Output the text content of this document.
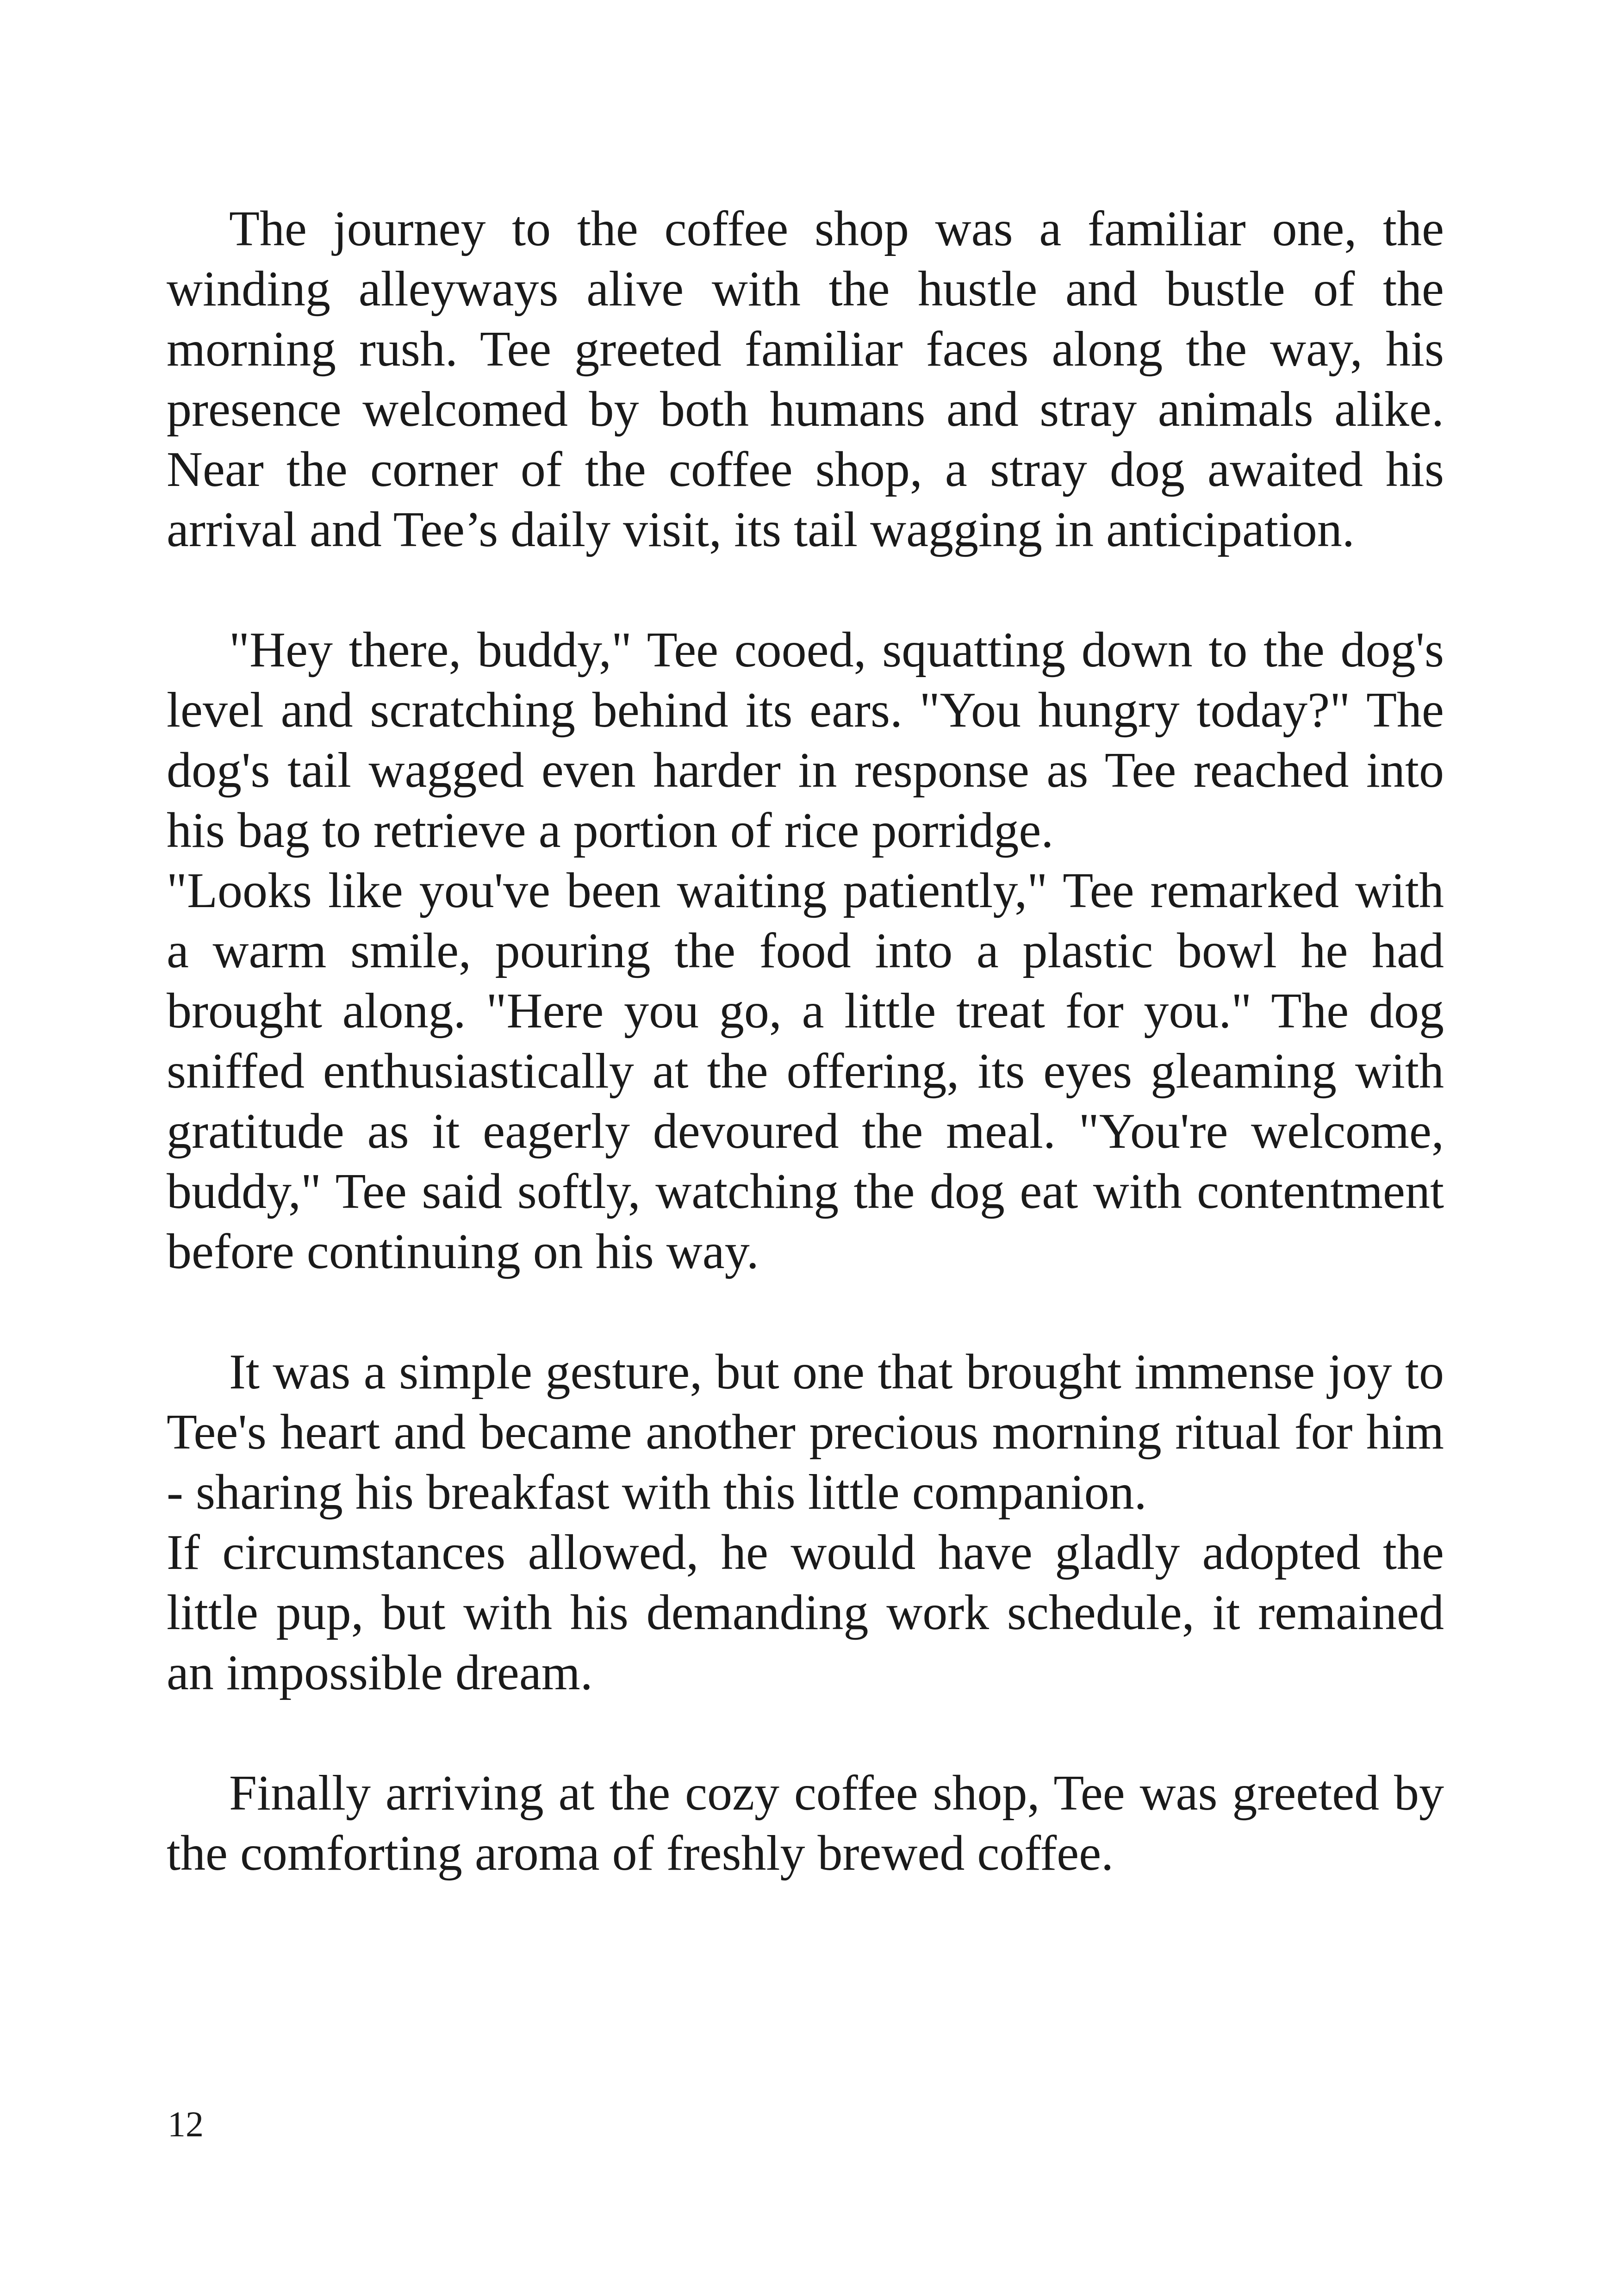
The journey to the coffee shop was a familiar one, the winding alleyways alive with the hustle and bustle of the morning rush. Tee greeted familiar faces along the way, his presence welcomed by both humans and stray animals alike. Near the corner of the coffee shop, a stray dog awaited his arrival and Tee’s daily visit, its tail wagging in anticipation.

"Hey there, buddy," Tee cooed, squatting down to the dog's level and scratching behind its ears. "You hungry today?" The dog's tail wagged even harder in response as Tee reached into his bag to retrieve a portion of rice porridge.

"Looks like you've been waiting patiently," Tee remarked with a warm smile, pouring the food into a plastic bowl he had brought along. "Here you go, a little treat for you." The dog sniffed enthusiastically at the offering, its eyes gleaming with gratitude as it eagerly devoured the meal. "You're welcome, buddy," Tee said softly, watching the dog eat with contentment before continuing on his way.

It was a simple gesture, but one that brought immense joy to Tee's heart and became another precious morning ritual for him - sharing his breakfast with this little companion.

If circumstances allowed, he would have gladly adopted the little pup, but with his demanding work schedule, it remained an impossible dream.

Finally arriving at the cozy coffee shop, Tee was greeted by the comforting aroma of freshly brewed coffee.

12
